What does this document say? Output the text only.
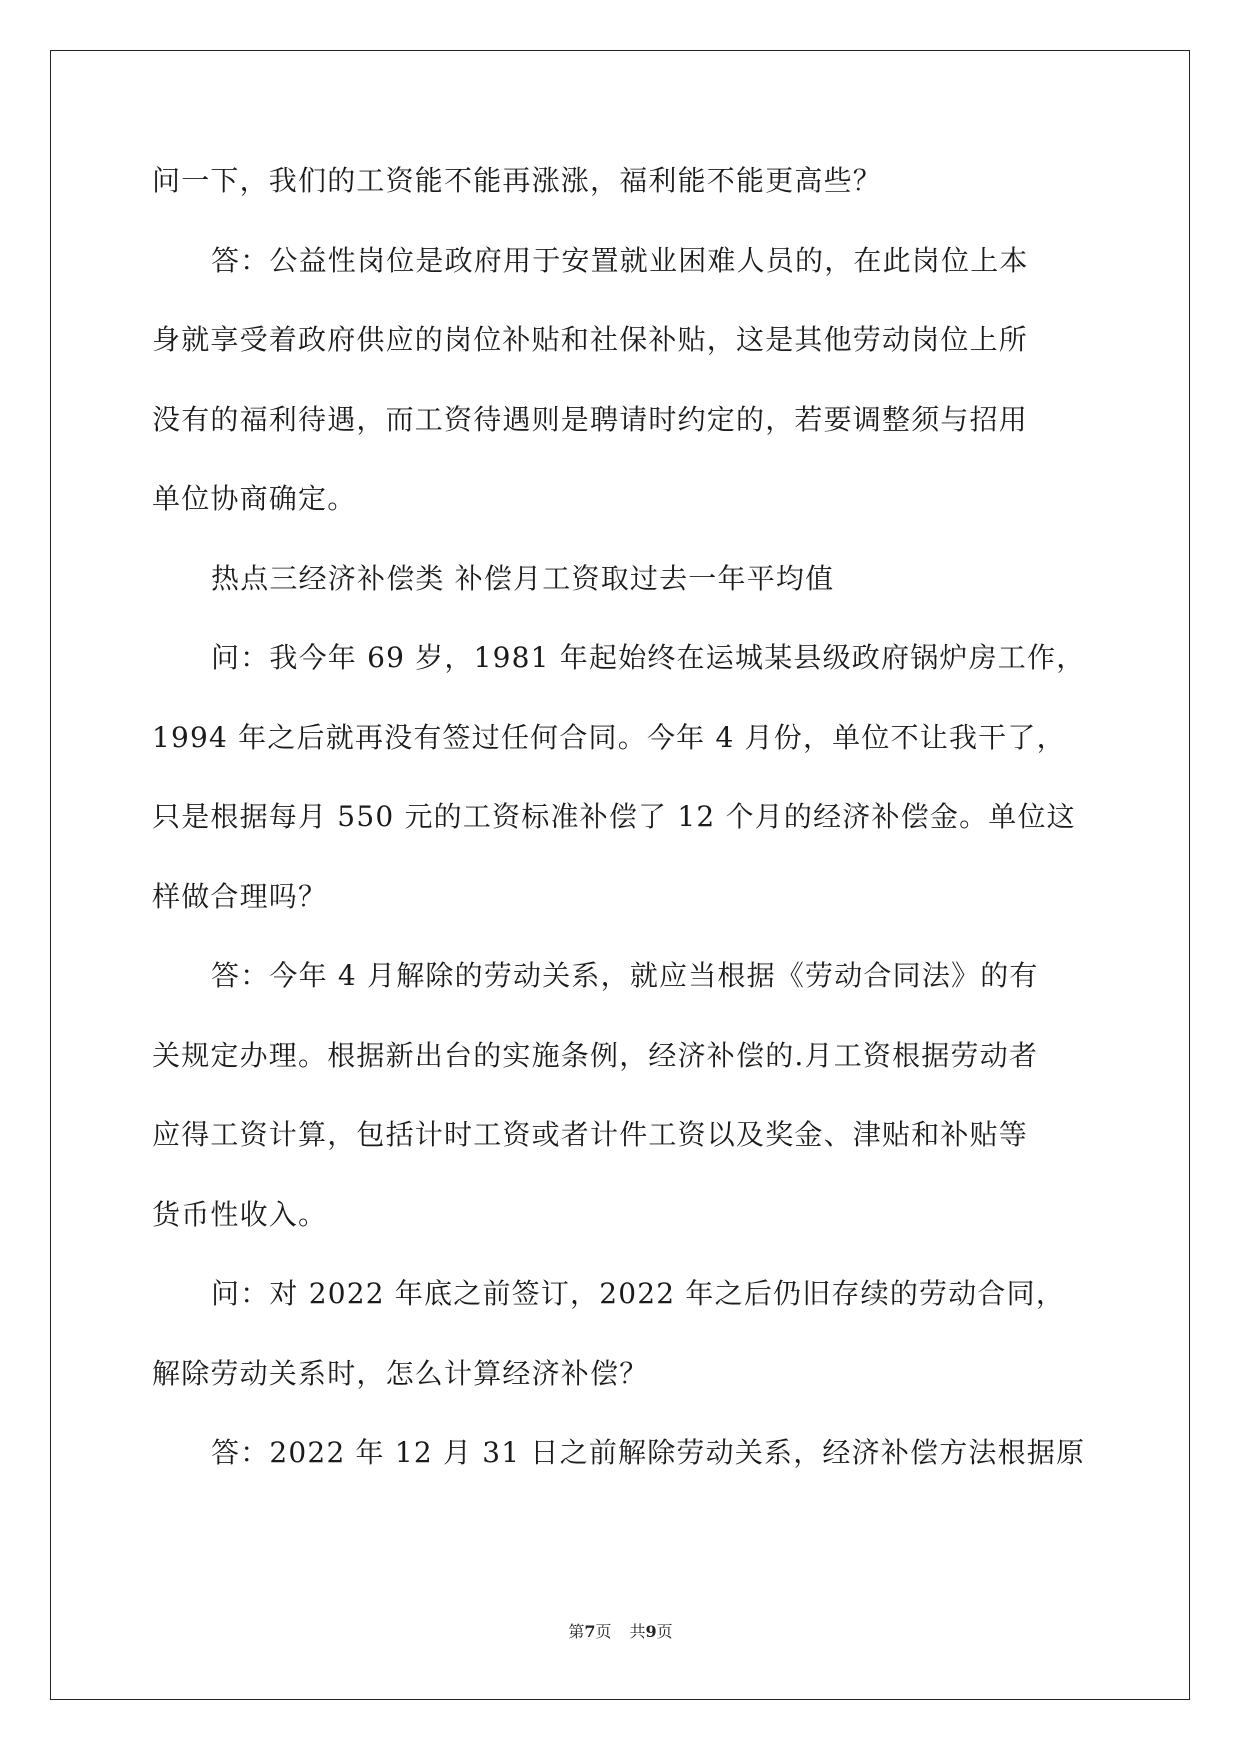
问一下，我们的工资能不能再涨涨，福利能不能更高些？
答：公益性岗位是政府用于安置就业困难人员的，在此岗位上本
身就享受着政府供应的岗位补贴和社保补贴，这是其他劳动岗位上所
没有的福利待遇，而工资待遇则是聘请时约定的，若要调整须与招用
单位协商确定。
热点三经济补偿类 补偿月工资取过去一年平均值
问：我今年 69 岁，1981 年起始终在运城某县级政府锅炉房工作，
1994 年之后就再没有签过任何合同。今年 4 月份，单位不让我干了，
只是根据每月 550 元的工资标准补偿了 12 个月的经济补偿金。单位这
样做合理吗？
答：今年 4 月解除的劳动关系，就应当根据《劳动合同法》的有
关规定办理。根据新出台的实施条例，经济补偿的.月工资根据劳动者
应得工资计算，包括计时工资或者计件工资以及奖金、津贴和补贴等
货币性收入。
问：对 2022 年底之前签订，2022 年之后仍旧存续的劳动合同，
解除劳动关系时，怎么计算经济补偿？
答：2022 年 12 月 31 日之前解除劳动关系，经济补偿方法根据原
第7页 共9页
